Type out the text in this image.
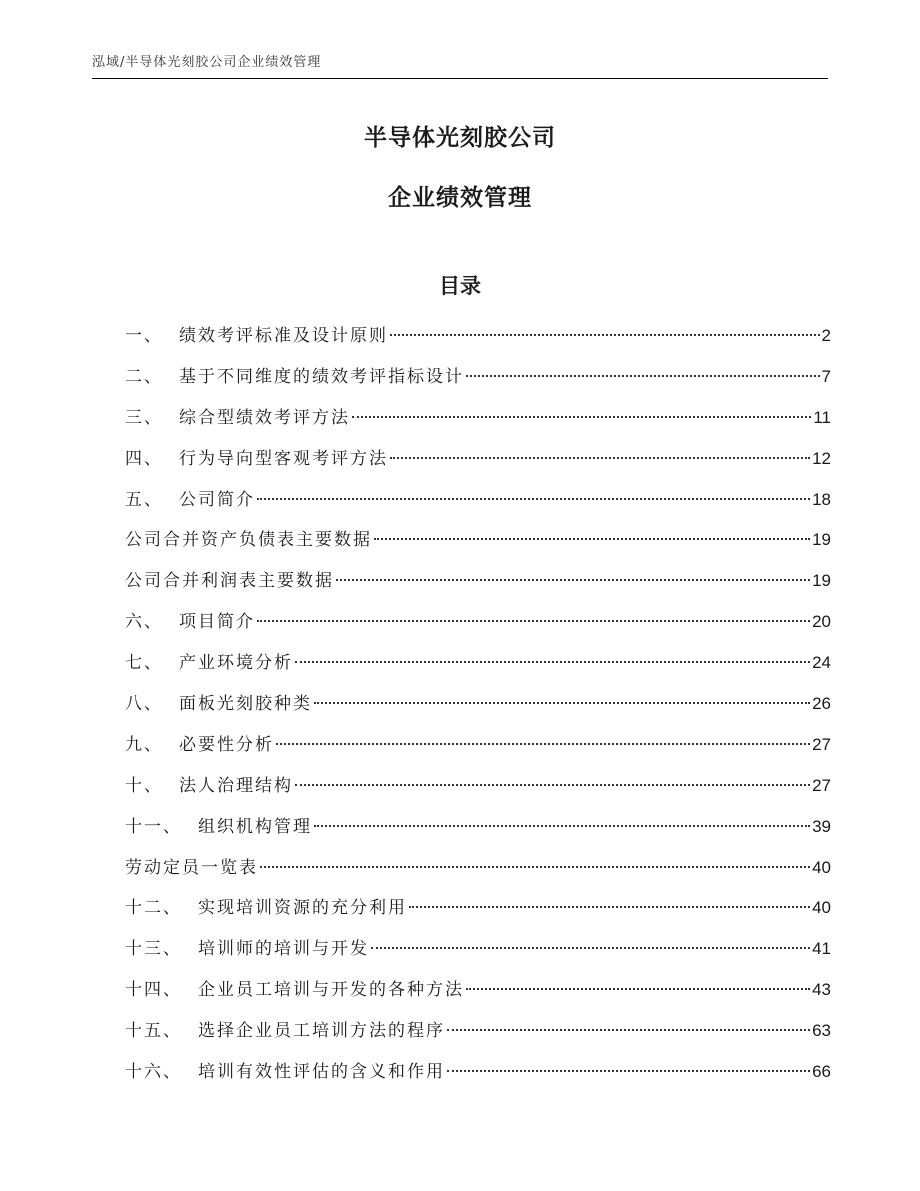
泓域/半导体光刻胶公司企业绩效管理
半导体光刻胶公司
企业绩效管理
目录
一、 绩效考评标准及设计原则	2
二、 基于不同维度的绩效考评指标设计	7
三、 综合型绩效考评方法	11
四、 行为导向型客观考评方法	12
五、 公司简介	18
公司合并资产负债表主要数据	19
公司合并利润表主要数据	19
六、 项目简介	20
七、 产业环境分析	24
八、 面板光刻胶种类	26
九、 必要性分析	27
十、 法人治理结构	27
十一、 组织机构管理	39
劳动定员一览表	40
十二、 实现培训资源的充分利用	40
十三、 培训师的培训与开发	41
十四、 企业员工培训与开发的各种方法	43
十五、 选择企业员工培训方法的程序	63
十六、 培训有效性评估的含义和作用	66
